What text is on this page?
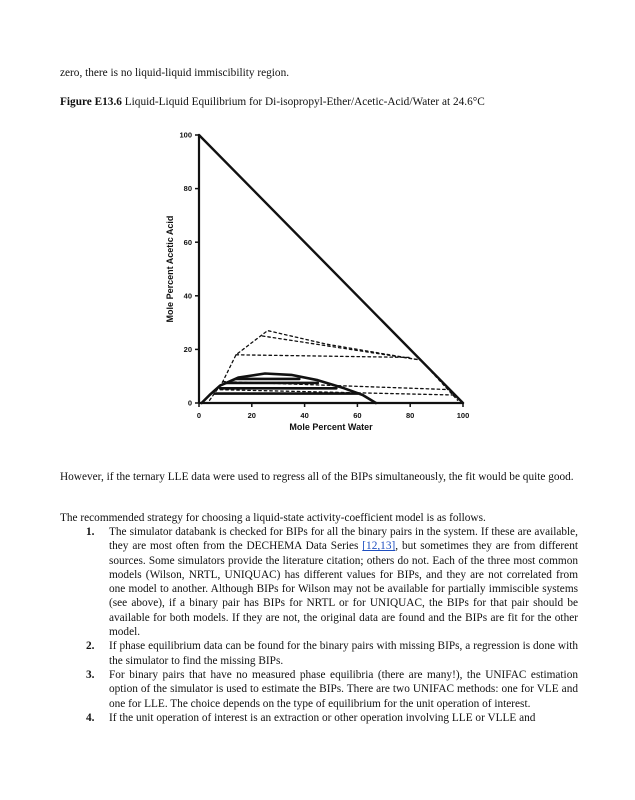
zero, there is no liquid-liquid immiscibility region.

Figure E13.6 Liquid-Liquid Equilibrium for Di-isopropyl-Ether/Acetic-Acid/Water at 24.6°C

0	20	40	60	80	100
0
20
40
60
80
100
Mole Percent Water
Mole Percent Acetic Acid

However, if the ternary LLE data were used to regress all of the BIPs simultaneously, the fit would be quite good.

The recommended strategy for choosing a liquid-state activity-coefficient model is as follows.

1. The simulator databank is checked for BIPs for all the binary pairs in the system. If these are available, they are most often from the DECHEMA Data Series [12,13], but sometimes they are from different sources. Some simulators provide the literature citation; others do not. Each of the three most common models (Wilson, NRTL, UNIQUAC) has different values for BIPs, and they are not correlated from one model to another. Although BIPs for Wilson may not be available for partially immiscible systems (see above), if a binary pair has BIPs for NRTL or for UNIQUAC, the BIPs for that pair should be available for both models. If they are not, the original data are found and the BIPs are fit for the other model.
2. If phase equilibrium data can be found for the binary pairs with missing BIPs, a regression is done with the simulator to find the missing BIPs.
3. For binary pairs that have no measured phase equilibria (there are many!), the UNIFAC estimation option of the simulator is used to estimate the BIPs. There are two UNIFAC methods: one for VLE and one for LLE. The choice depends on the type of equilibrium for the unit operation of interest.
4. If the unit operation of interest is an extraction or other operation involving LLE or VLLE and
